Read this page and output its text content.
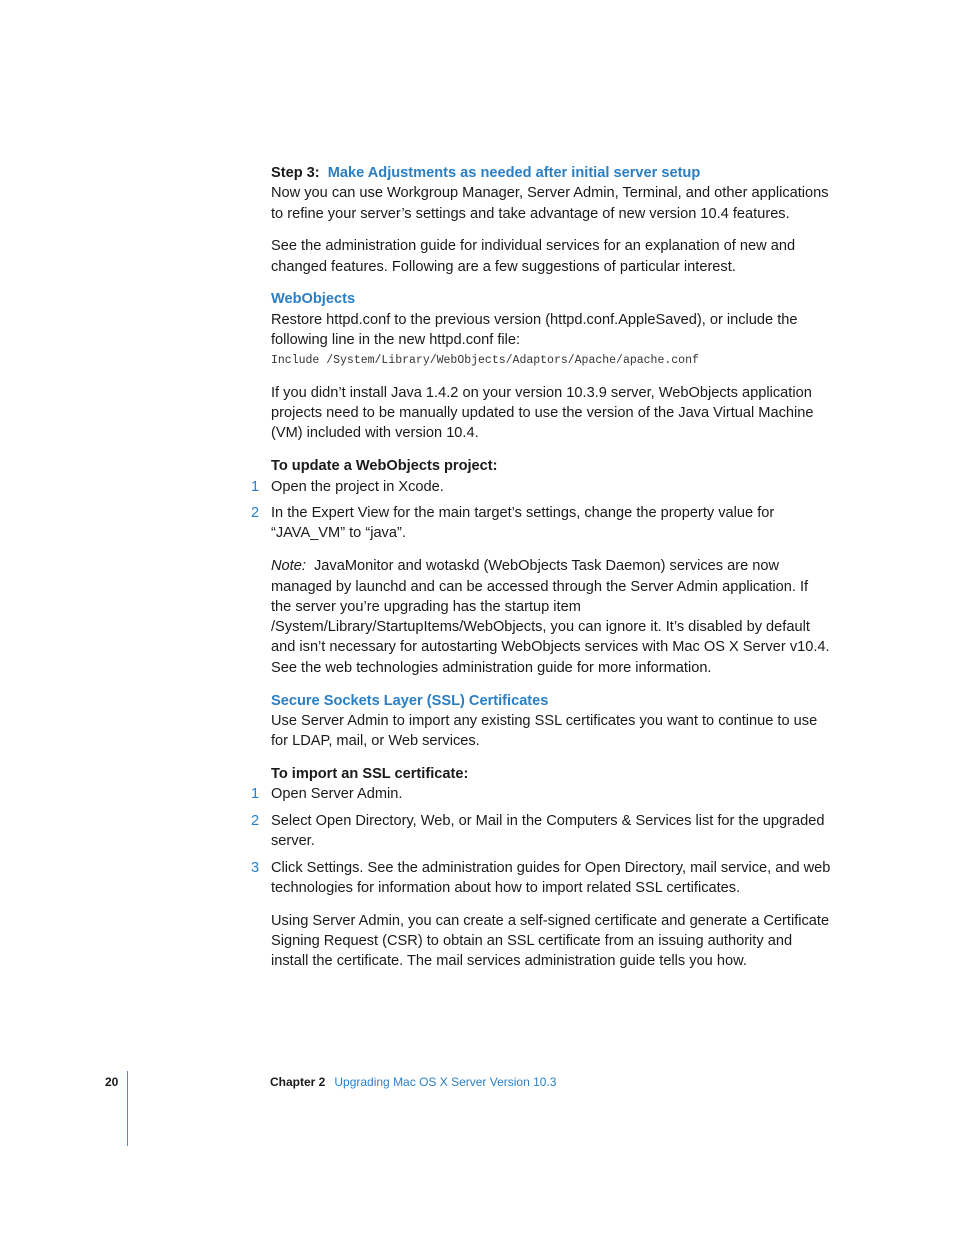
Step 3: Make Adjustments as needed after initial server setup

Now you can use Workgroup Manager, Server Admin, Terminal, and other applications to refine your server’s settings and take advantage of new version 10.4 features.

See the administration guide for individual services for an explanation of new and changed features. Following are a few suggestions of particular interest.

WebObjects

Restore httpd.conf to the previous version (httpd.conf.AppleSaved), or include the following line in the new httpd.conf file:

Include /System/Library/WebObjects/Adaptors/Apache/apache.conf

If you didn’t install Java 1.4.2 on your version 10.3.9 server, WebObjects application projects need to be manually updated to use the version of the Java Virtual Machine (VM) included with version 10.4.

To update a WebObjects project:

1 Open the project in Xcode.
2 In the Expert View for the main target’s settings, change the property value for “JAVA_VM” to “java”.

Note: JavaMonitor and wotaskd (WebObjects Task Daemon) services are now managed by launchd and can be accessed through the Server Admin application. If the server you’re upgrading has the startup item /System/Library/StartupItems/WebObjects, you can ignore it. It’s disabled by default and isn’t necessary for autostarting WebObjects services with Mac OS X Server v10.4. See the web technologies administration guide for more information.

Secure Sockets Layer (SSL) Certificates

Use Server Admin to import any existing SSL certificates you want to continue to use for LDAP, mail, or Web services.

To import an SSL certificate:

1 Open Server Admin.
2 Select Open Directory, Web, or Mail in the Computers & Services list for the upgraded server.
3 Click Settings. See the administration guides for Open Directory, mail service, and web technologies for information about how to import related SSL certificates.

Using Server Admin, you can create a self-signed certificate and generate a Certificate Signing Request (CSR) to obtain an SSL certificate from an issuing authority and install the certificate. The mail services administration guide tells you how.

20	Chapter 2 Upgrading Mac OS X Server Version 10.3
